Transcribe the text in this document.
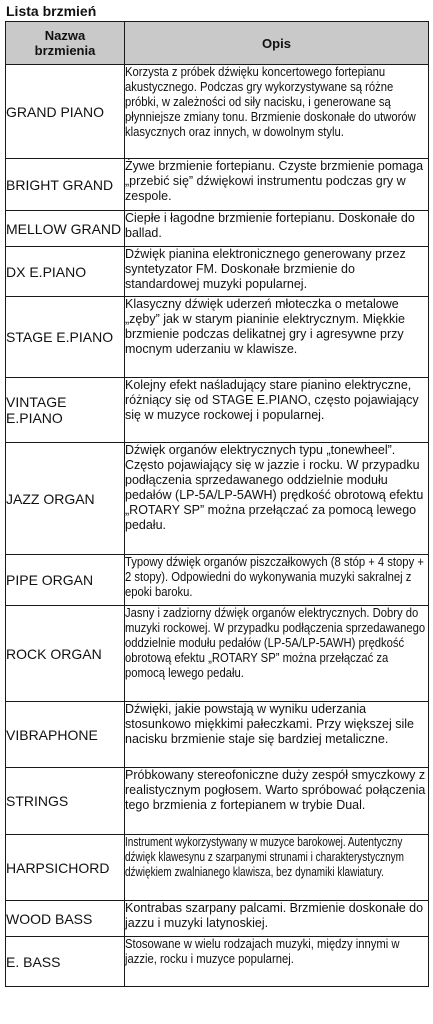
Lista brzmień
Nazwa brzmienia	Opis
GRAND PIANO	Korzysta z próbek dźwięku koncertowego fortepianu akustycznego. Podczas gry wykorzystywane są różne próbki, w zależności od siły nacisku, i generowane są płynniejsze zmiany tonu. Brzmienie doskonałe do utworów klasycznych oraz innych, w dowolnym stylu.

BRIGHT GRAND	Żywe brzmienie fortepianu. Czyste brzmienie pomaga „przebić się” dźwiękowi instrumentu podczas gry w zespole.

MELLOW GRAND	Ciepłe i łagodne brzmienie fortepianu. Doskonałe do ballad.

DX E.PIANO	Dźwięk pianina elektronicznego generowany przez syntetyzator FM. Doskonałe brzmienie do standardowej muzyki popularnej.

STAGE E.PIANO	Klasyczny dźwięk uderzeń młoteczka o metalowe „zęby” jak w starym pianinie elektrycznym. Miękkie brzmienie podczas delikatnej gry i agresywne przy mocnym uderzaniu w klawisze.

VINTAGE E.PIANO	Kolejny efekt naśladujący stare pianino elektryczne, różniący się od STAGE E.PIANO, często pojawiający się w muzyce rockowej i popularnej.

JAZZ ORGAN	Dźwięk organów elektrycznych typu „tonewheel”. Często pojawiający się w jazzie i rocku. W przypadku podłączenia sprzedawanego oddzielnie modułu pedałów (LP-5A/LP-5AWH) prędkość obrotową efektu „ROTARY SP” można przełączać za pomocą lewego pedału.

PIPE ORGAN	Typowy dźwięk organów piszczałkowych (8 stóp + 4 stopy + 2 stopy). Odpowiedni do wykonywania muzyki sakralnej z epoki baroku.

ROCK ORGAN	Jasny i zadziorny dźwięk organów elektrycznych. Dobry do muzyki rockowej. W przypadku podłączenia sprzedawanego oddzielnie modułu pedałów (LP-5A/LP-5AWH) prędkość obrotową efektu „ROTARY SP” można przełączać za pomocą lewego pedału.

VIBRAPHONE	Dźwięki, jakie powstają w wyniku uderzania stosunkowo miękkimi pałeczkami. Przy większej sile nacisku brzmienie staje się bardziej metaliczne.

STRINGS	Próbkowany stereofoniczne duży zespół smyczkowy z realistycznym pogłosem. Warto spróbować połączenia tego brzmienia z fortepianem w trybie Dual.

HARPSICHORD	Instrument wykorzystywany w muzyce barokowej. Autentyczny dźwięk klawesynu z szarpanymi strunami i charakterystycznym dźwiękiem zwalnianego klawisza, bez dynamiki klawiatury.

WOOD BASS	Kontrabas szarpany palcami. Brzmienie doskonałe do jazzu i muzyki latynoskiej.

E. BASS	Stosowane w wielu rodzajach muzyki, między innymi w jazzie, rocku i muzyce popularnej.
